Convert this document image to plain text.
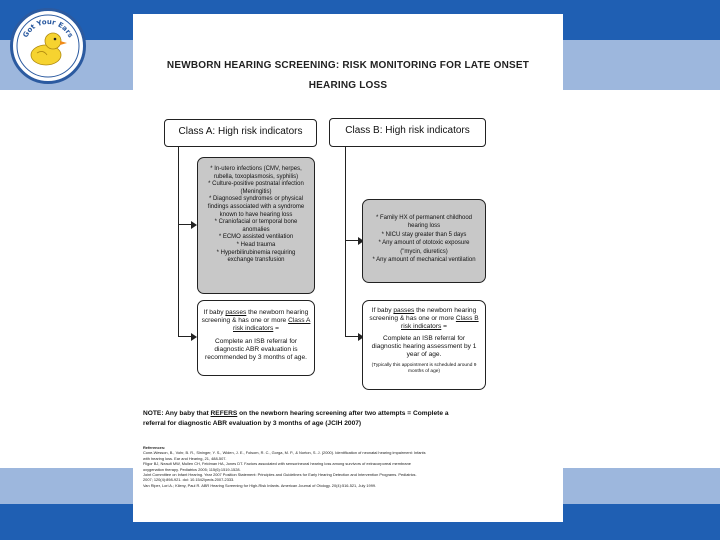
Got Your Ears
NEWBORN HEARING SCREENING: RISK MONITORING FOR LATE ONSET
HEARING LOSS
Class A: High risk indicators	Class B: High risk indicators
* In-utero infections (CMV, herpes,
rubella, toxoplasmosis, syphilis)
* Culture-positive postnatal infection
(Meningitis)
* Diagnosed syndromes or physical
findings associated with a syndrome
known to have hearing loss
* Craniofacial or temporal bone
anomalies
* ECMO assisted ventilation
* Head trauma
* Hyperbilirubinemia requiring
exchange transfusion
* Family HX of permanent childhood
hearing loss
* NICU stay greater than 5 days
* Any amount of ototoxic exposure
("mycin, diuretics)
* Any amount of mechanical ventilation
If baby passes the newborn hearing
screening & has one or more Class A
risk indicators =
Complete an ISB referral for
diagnostic ABR evaluation is
recommended by 3 months of age.
If baby passes the newborn hearing
screening & has one or more Class B
risk indicators =
Complete an ISB referral for
diagnostic hearing assessment by 1
year of age.
(Typically this appointment is scheduled around 9
months of age)
NOTE: Any baby that REFERS on the newborn hearing screening after two attempts = Complete a
referral for diagnostic ABR evaluation by 3 months of age (JCIH 2007)
References:
Cone-Wesson, B., Vohr, B. R., Sininger, Y. S., Widen, J. E., Folsom, R. C., Gorga, M. P., & Norton, S. J. (2000). Identification of neonatal hearing impairment: Infants
with hearing loss. Ear and Hearing, 21, 488-507.
Fligor BJ, Neault MW, Mullen CH, Feldman HA, Jones DT. Factors associated with sensorineural hearing loss among survivors of extracorporeal membrane
oxygenation therapy. Pediatrics 2005; 115(6):1519-1528.
Joint Committee on Infant Hearing. Year 2007 Position Statement: Principles and Guidelines for Early Hearing Detection and Intervention Programs. Pediatrics.
2007; 120(4):898-921. doi: 10.1542/peds.2007-2333.
Van Riper, Lori A.; Kileny, Paul R. ABR Hearing Screening for High-Risk Infants. American Journal of Otology. 20(4):516-521, July 1999.
